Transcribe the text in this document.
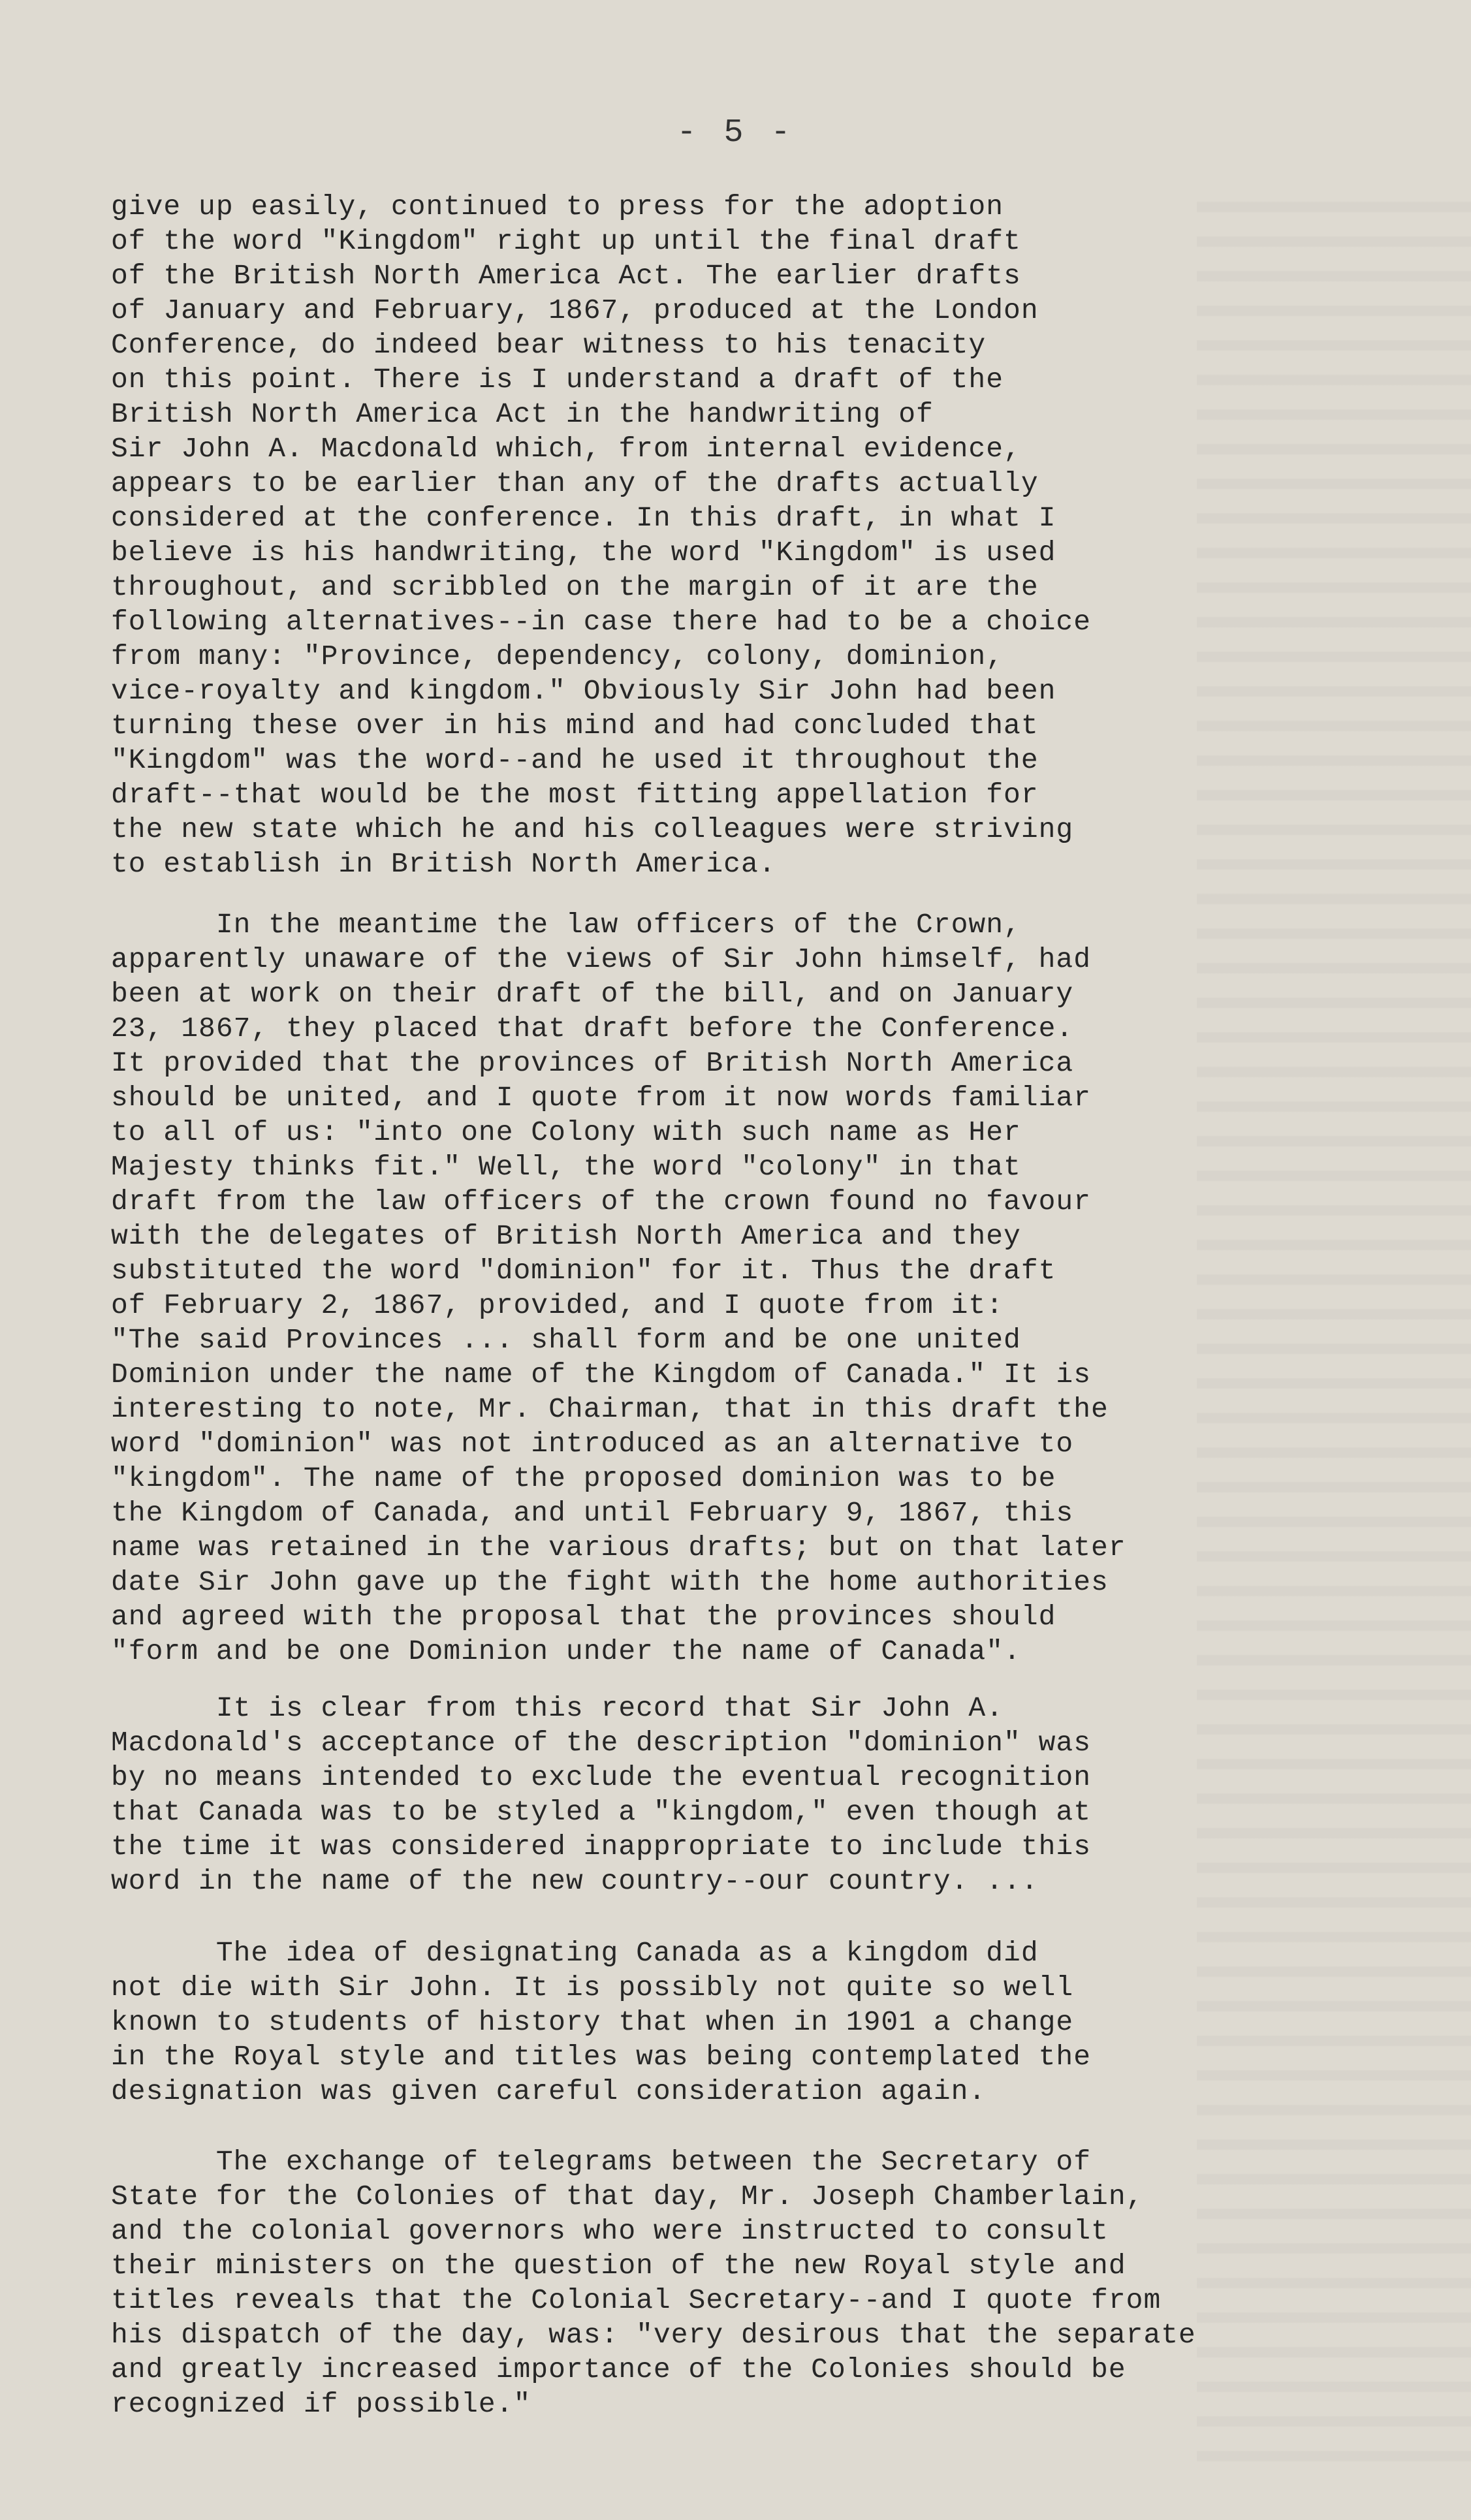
- 5 -
give up easily, continued to press for the adoption
of the word "Kingdom" right up until the final draft
of the British North America Act. The earlier drafts
of January and February, 1867, produced at the London
Conference, do indeed bear witness to his tenacity
on this point. There is I understand a draft of the
British North America Act in the handwriting of
Sir John A. Macdonald which, from internal evidence,
appears to be earlier than any of the drafts actually
considered at the conference. In this draft, in what I
believe is his handwriting, the word "Kingdom" is used
throughout, and scribbled on the margin of it are the
following alternatives--in case there had to be a choice
from many: "Province, dependency, colony, dominion,
vice-royalty and kingdom." Obviously Sir John had been
turning these over in his mind and had concluded that
"Kingdom" was the word--and he used it throughout the
draft--that would be the most fitting appellation for
the new state which he and his colleagues were striving
to establish in British North America.
In the meantime the law officers of the Crown,
apparently unaware of the views of Sir John himself, had
been at work on their draft of the bill, and on January
23, 1867, they placed that draft before the Conference.
It provided that the provinces of British North America
should be united, and I quote from it now words familiar
to all of us: "into one Colony with such name as Her
Majesty thinks fit." Well, the word "colony" in that
draft from the law officers of the crown found no favour
with the delegates of British North America and they
substituted the word "dominion" for it. Thus the draft
of February 2, 1867, provided, and I quote from it:
"The said Provinces ... shall form and be one united
Dominion under the name of the Kingdom of Canada." It is
interesting to note, Mr. Chairman, that in this draft the
word "dominion" was not introduced as an alternative to
"kingdom". The name of the proposed dominion was to be
the Kingdom of Canada, and until February 9, 1867, this
name was retained in the various drafts; but on that later
date Sir John gave up the fight with the home authorities
and agreed with the proposal that the provinces should
"form and be one Dominion under the name of Canada".
It is clear from this record that Sir John A.
Macdonald's acceptance of the description "dominion" was
by no means intended to exclude the eventual recognition
that Canada was to be styled a "kingdom," even though at
the time it was considered inappropriate to include this
word in the name of the new country--our country. ...
The idea of designating Canada as a kingdom did
not die with Sir John. It is possibly not quite so well
known to students of history that when in 1901 a change
in the Royal style and titles was being contemplated the
designation was given careful consideration again.
The exchange of telegrams between the Secretary of
State for the Colonies of that day, Mr. Joseph Chamberlain,
and the colonial governors who were instructed to consult
their ministers on the question of the new Royal style and
titles reveals that the Colonial Secretary--and I quote from
his dispatch of the day, was: "very desirous that the separate
and greatly increased importance of the Colonies should be
recognized if possible."
